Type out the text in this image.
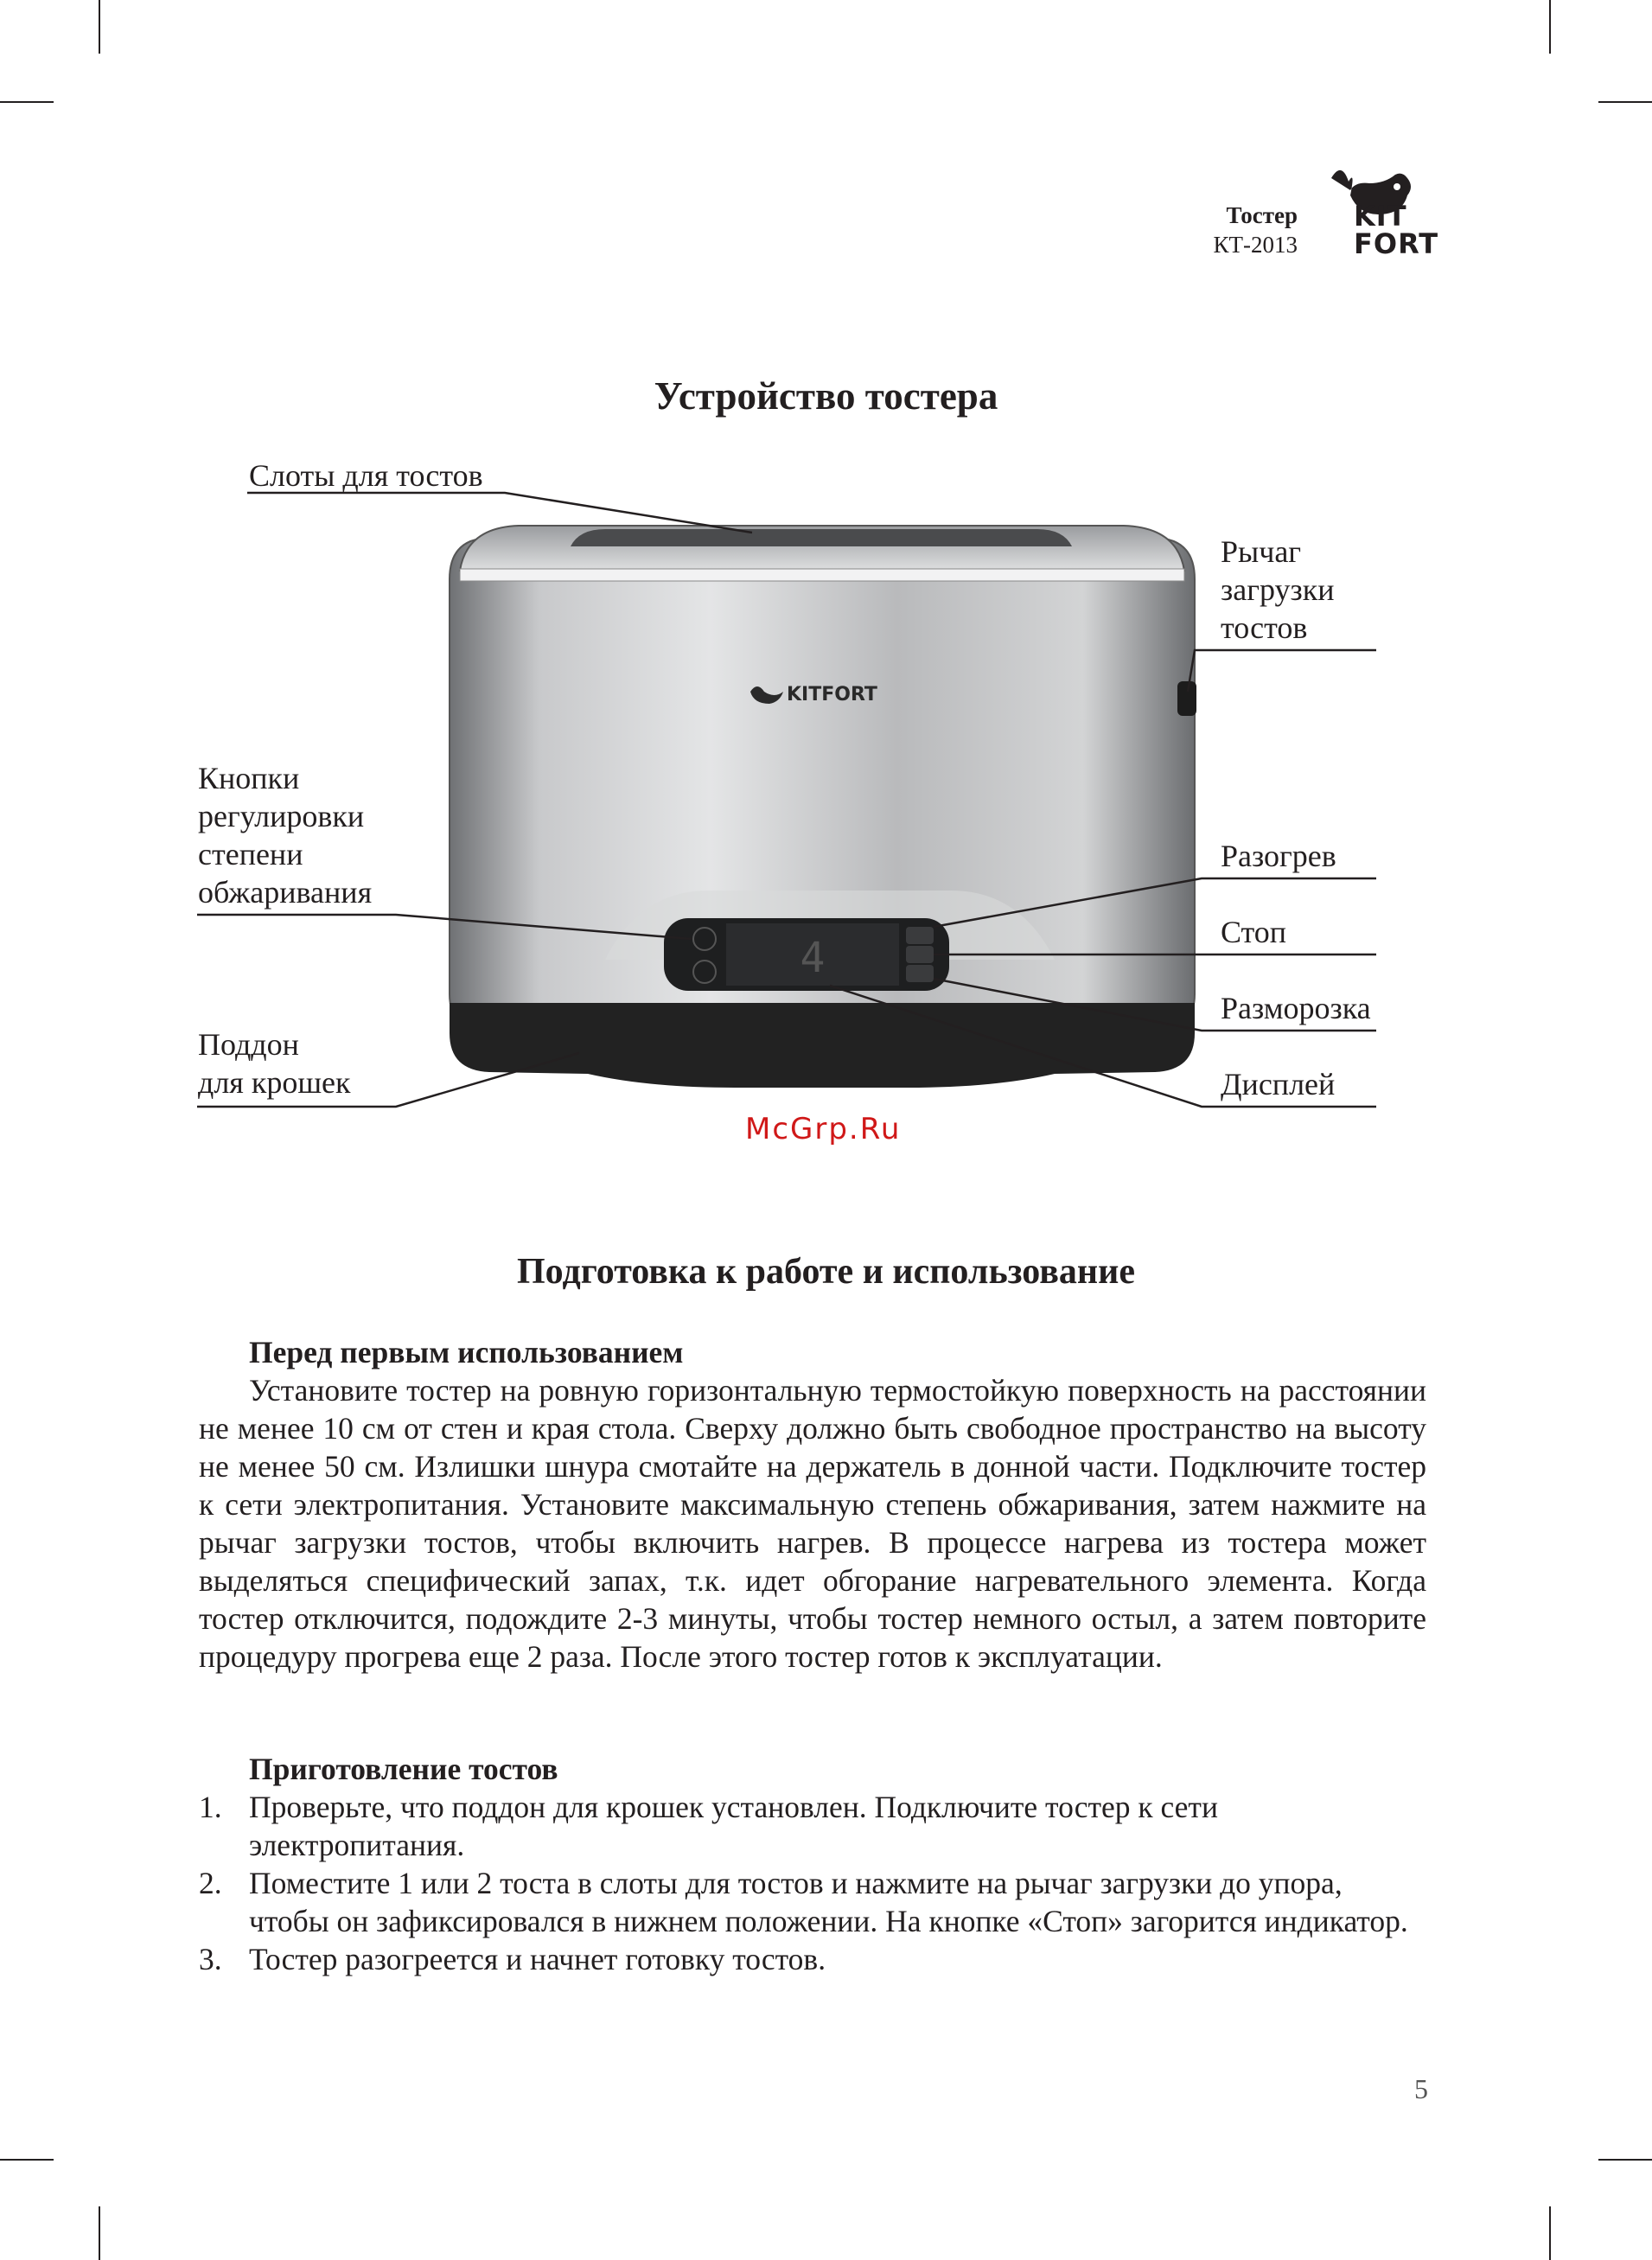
Тостер
КТ-2013
KIT
FORT
Устройство тостера
4
KITFORT
Слоты для тостов
Рычаг
загрузки
тостов
Кнопки
регулировки
степени
обжаривания
Разогрев
Стоп
Разморозка
Поддон
для крошек	Дисплей
McGrp.Ru
Подготовка к работе и использование

Перед первым использованием

Установите тостер на ровную горизонтальную термостойкую поверхность на расстоянии не менее 10 см от стен и края стола. Сверху должно быть свободное пространство на высоту не менее 50 см. Излишки шнура смотайте на держатель в донной части. Подключите тостер к сети электропитания. Установите максимальную степень обжаривания, затем нажмите на рычаг загрузки тостов, чтобы включить нагрев. В процессе нагрева из тостера может выделяться специфический запах, т.к. идет обгорание нагревательного элемента. Когда тостер отключится, подождите 2-3 минуты, чтобы тостер немного остыл, а затем повторите процедуру прогрева еще 2 раза. После этого тостер готов к эксплуатации.

Приготовление тостов

1. Проверьте, что поддон для крошек установлен. Подключите тостер к сети электропитания.
2. Поместите 1 или 2 тоста в слоты для тостов и нажмите на рычаг загрузки до упора, чтобы он зафиксировался в нижнем положении. На кнопке «Стоп» загорится индикатор.
3. Тостер разогреется и начнет готовку тостов.
5
